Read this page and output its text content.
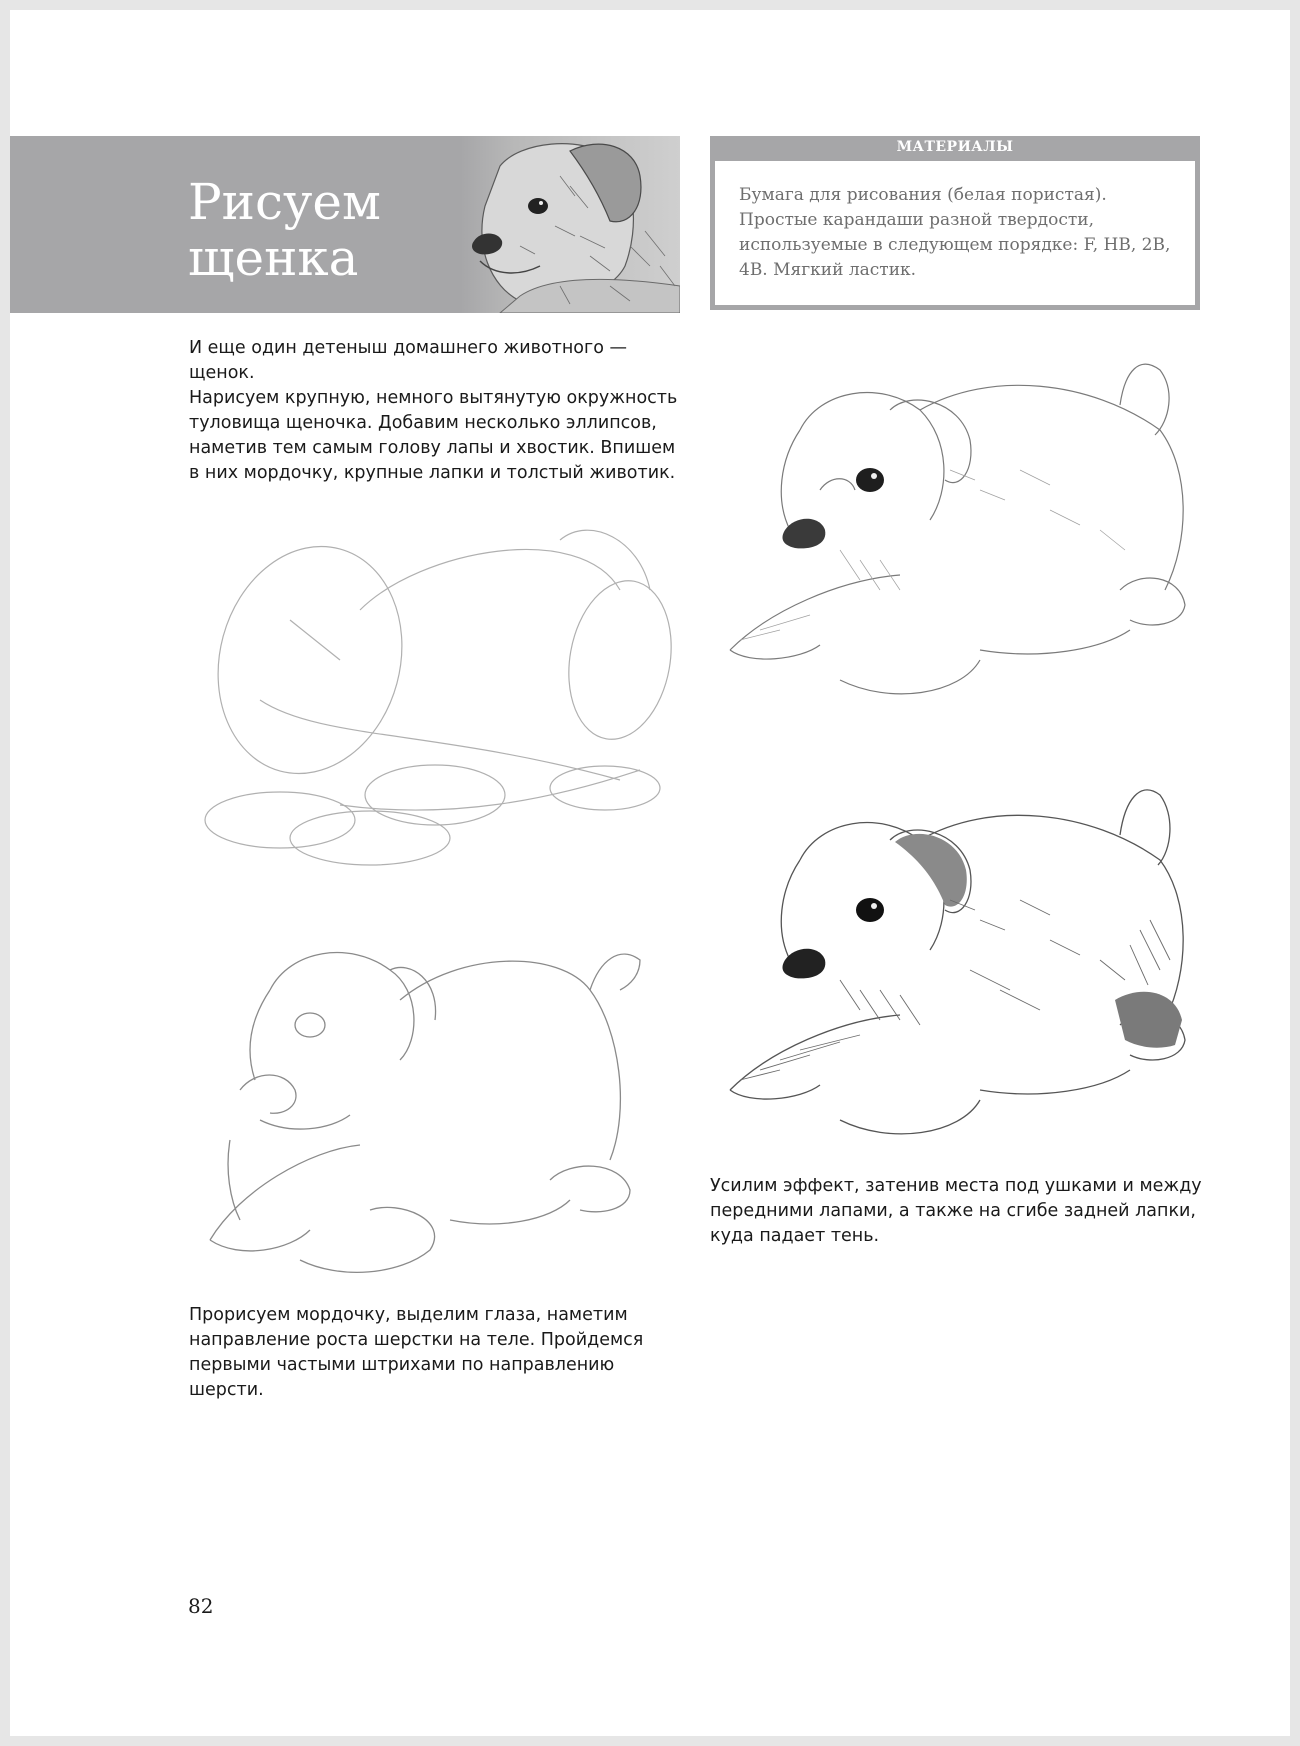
Рисуем
щенка
МАТЕРИАЛЫ
Бумага для рисования (белая пористая). Простые карандаши разной твердости, используемые в следующем порядке: F, HB, 2B, 4B. Мягкий ластик.

И еще один детеныш домашнего животного — щенок.

Нарисуем крупную, немного вытянутую окружность туловища щеночка. Добавим несколько эллипсов, наметив тем самым голову лапы и хвостик. Впишем в них мордочку, крупные лапки и толстый животик.

Прорисуем мордочку, выделим глаза, наметим направление роста шерстки на теле. Пройдемся первыми частыми штрихами по направлению шерсти.

Усилим эффект, затенив места под ушками и между передними лапами, а также на сгибе задней лапки, куда падает тень.

82
